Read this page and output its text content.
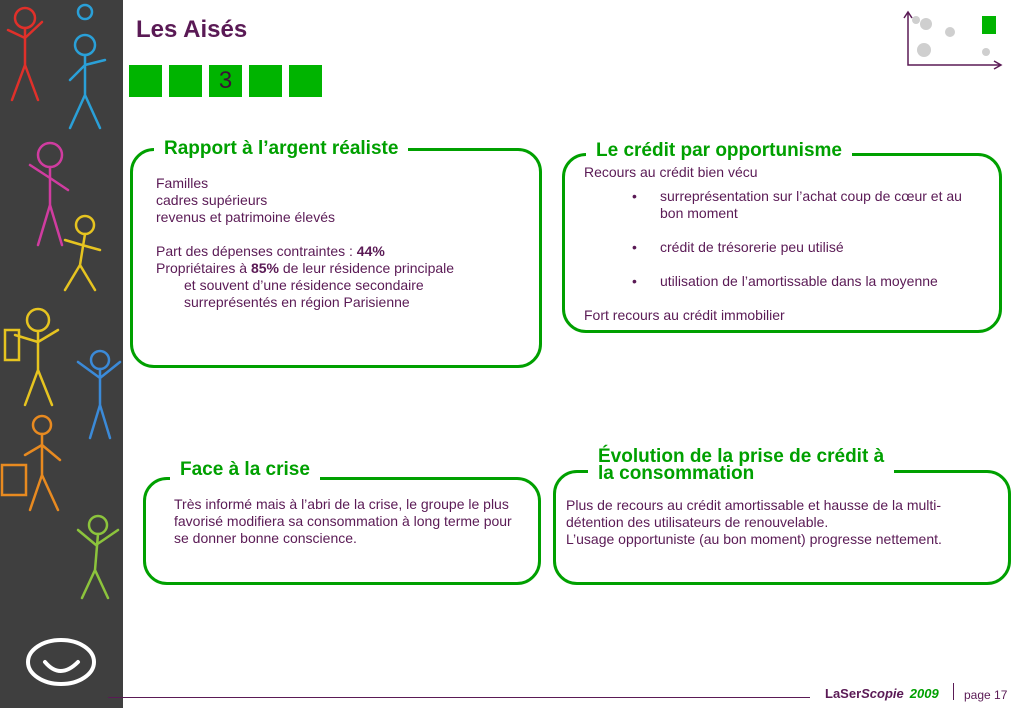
Les Aisés
3
Rapport à l’argent réaliste
Familles
cadres supérieurs
revenus et patrimoine élevés
Part des dépenses contraintes : 44%
Propriétaires à 85% de leur résidence principale
et souvent d’une résidence secondaire
surreprésentés en région Parisienne
Le crédit par opportunisme
Recours au crédit bien vécu
• surreprésentation sur l’achat coup de cœur et au bon moment
• crédit de trésorerie peu utilisé
• utilisation de l’amortissable dans la moyenne
Fort recours au crédit immobilier
Face à la crise
Très informé mais à l’abri de la crise, le groupe le plus favorisé modifiera sa consommation à long terme pour se donner bonne conscience.
Évolution de la prise de crédit à
la consommation
Plus de recours au crédit amortissable et hausse de la multi-détention des utilisateurs de renouvelable.
L’usage opportuniste (au bon moment) progresse nettement.
LaSerScopie 2009 page 17
